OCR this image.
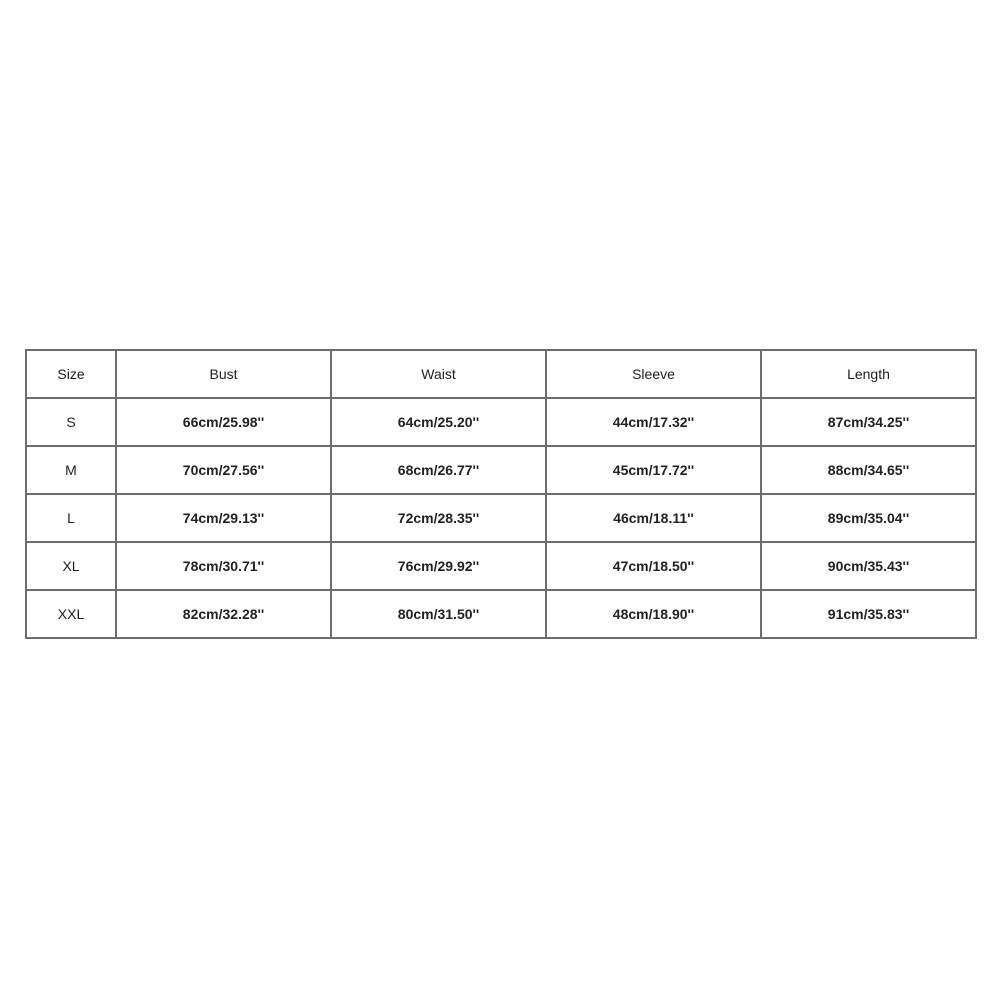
Size	Bust	Waist	Sleeve	Length
S	66cm/25.98''	64cm/25.20''	44cm/17.32''	87cm/34.25''
M	70cm/27.56''	68cm/26.77''	45cm/17.72''	88cm/34.65''
L	74cm/29.13''	72cm/28.35''	46cm/18.11''	89cm/35.04''
XL	78cm/30.71''	76cm/29.92''	47cm/18.50''	90cm/35.43''
XXL	82cm/32.28''	80cm/31.50''	48cm/18.90''	91cm/35.83''
